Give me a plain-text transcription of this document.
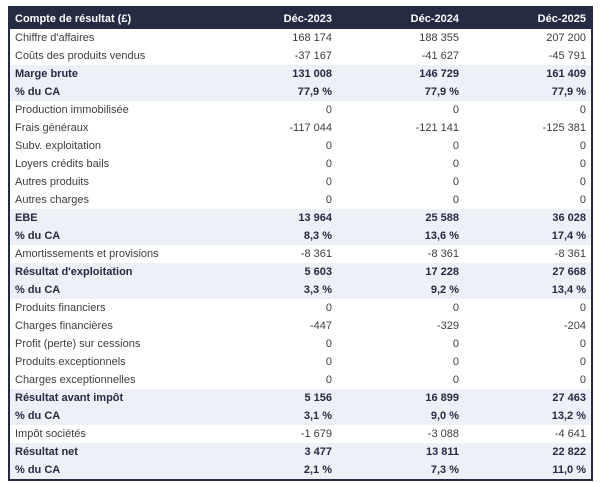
Compte de résultat (£)	Déc-2023	Déc-2024	Déc-2025
Chiffre d'affaires	168 174	188 355	207 200
Coûts des produits vendus	-37 167	-41 627	-45 791
Marge brute	131 008	146 729	161 409
% du CA	77,9 %	77,9 %	77,9 %
Production immobilisée	0	0	0
Frais généraux	-117 044	-121 141	-125 381
Subv. exploitation	0	0	0
Loyers crédits bails	0	0	0
Autres produits	0	0	0
Autres charges	0	0	0
EBE	13 964	25 588	36 028
% du CA	8,3 %	13,6 %	17,4 %
Amortissements et provisions	-8 361	-8 361	-8 361
Résultat d'exploitation	5 603	17 228	27 668
% du CA	3,3 %	9,2 %	13,4 %
Produits financiers	0	0	0
Charges financières	-447	-329	-204
Profit (perte) sur cessions	0	0	0
Produits exceptionnels	0	0	0
Charges exceptionnelles	0	0	0
Résultat avant impôt	5 156	16 899	27 463
% du CA	3,1 %	9,0 %	13,2 %
Impôt sociétés	-1 679	-3 088	-4 641
Résultat net	3 477	13 811	22 822
% du CA	2,1 %	7,3 %	11,0 %
